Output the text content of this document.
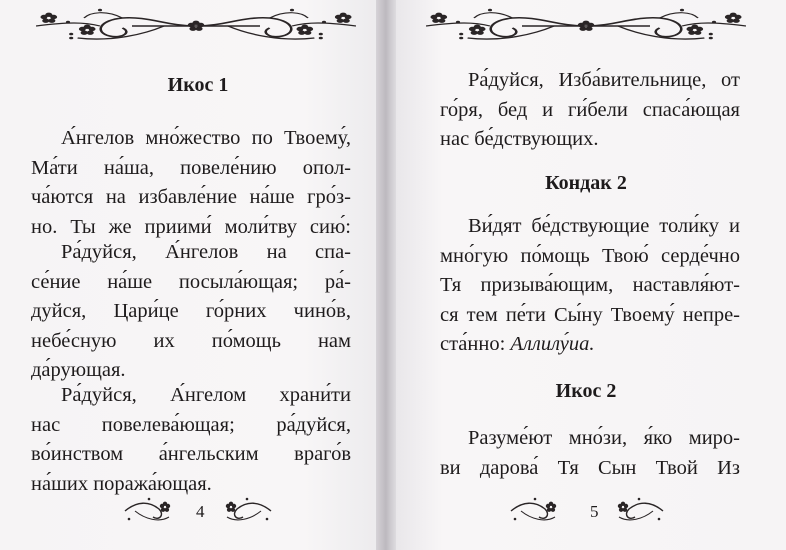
Икос 1
А́нгелов мно́жество по Твоему́,
Ма́ти на́ша, повеле́нию опол-
ча́ются на избавле́ние на́ше гро́з-
но. Ты же приими́ моли́тву сию́:
Ра́дуйся, А́нгелов на спа-
се́ние на́ше посыла́ющая; ра́-
дуйся, Цари́це го́рних чино́в,
небе́сную их по́мощь нам
да́рующая.
Ра́дуйся, А́нгелом храни́ти
нас повелева́ющая; ра́дуйся,
во́инством а́нгельским враго́в
на́ших поража́ющая.
4
Ра́дуйся, Изба́вительнице, от
го́ря, бед и ги́бели спаса́ющая
нас бе́дствующих.
Кондак 2
Ви́дят бе́дствующие толи́ку и
мно́гую по́мощь Твою́ серде́чно
Тя призыва́ющим, наставля́ют-
ся тем пе́ти Сы́ну Твоему́ непре-
ста́нно: Аллилу́иа.
Икос 2
Разуме́ют мно́зи, я́ко миро-
ви дарова́ Тя Сын Твой Из
5
